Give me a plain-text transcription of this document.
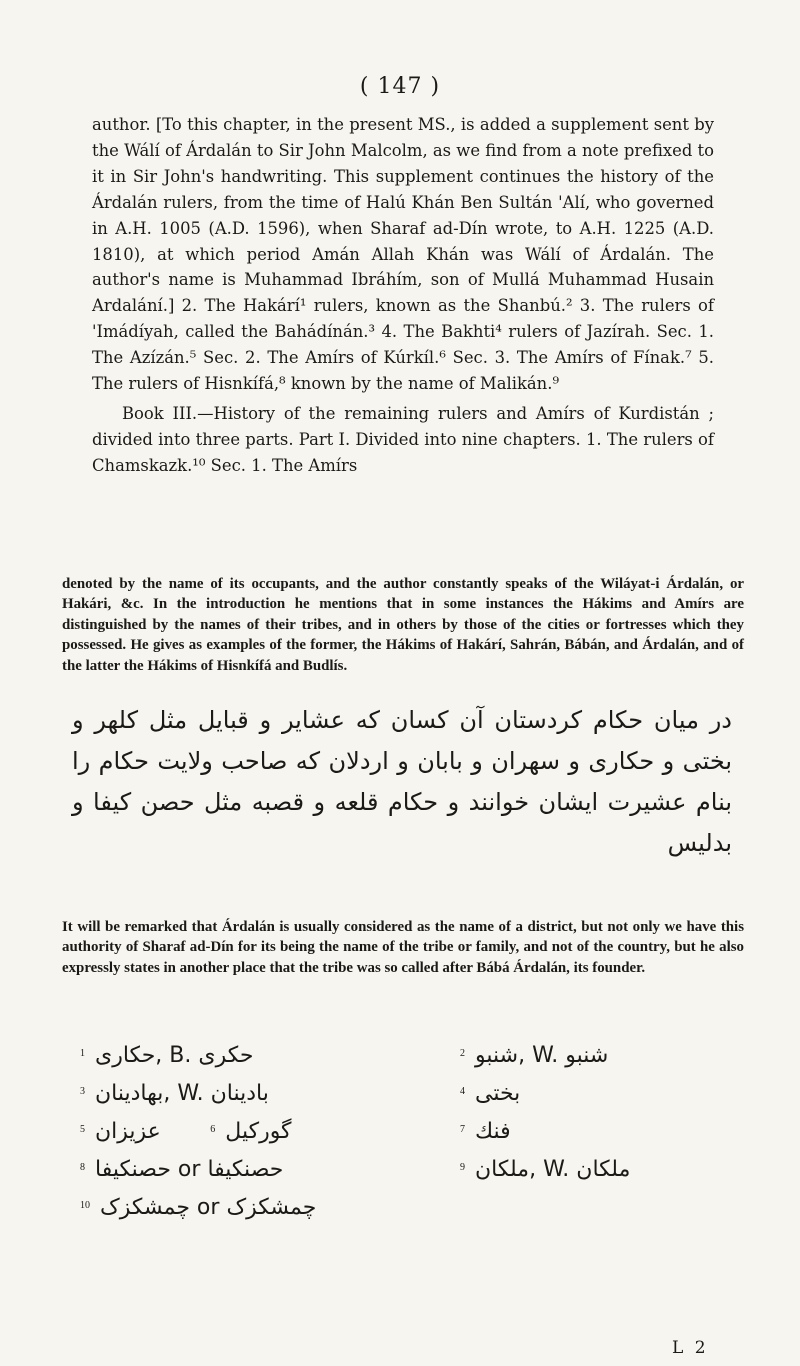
( 147 )

author. [To this chapter, in the present MS., is added a supplement sent by the Wálí of Árdalán to Sir John Malcolm, as we find from a note prefixed to it in Sir John's handwriting. This supplement continues the history of the Árdalán rulers, from the time of Halú Khán Ben Sultán 'Alí, who governed in A.H. 1005 (A.D. 1596), when Sharaf ad-Dín wrote, to A.H. 1225 (A.D. 1810), at which period Amán Allah Khán was Wálí of Árdalán. The author's name is Muhammad Ibráhím, son of Mullá Muhammad Husain Ardalání.] 2. The Hakárí¹ rulers, known as the Shanbú.² 3. The rulers of 'Imádíyah, called the Bahádínán.³ 4. The Bakhti⁴ rulers of Jazírah. Sec. 1. The Azízán.⁵ Sec. 2. The Amírs of Kúrkíl.⁶ Sec. 3. The Amírs of Fínak.⁷ 5. The rulers of Hisnkífá,⁸ known by the name of Malikán.⁹

Book III.—History of the remaining rulers and Amírs of Kurdistán ; divided into three parts. Part I. Divided into nine chapters. 1. The rulers of Chamskazk.¹⁰ Sec. 1. The Amírs

denoted by the name of its occupants, and the author constantly speaks of the Wiláyat-i Árdalán, or Hakári, &c. In the introduction he mentions that in some instances the Hákims and Amírs are distinguished by the names of their tribes, and in others by those of the cities or fortresses which they possessed. He gives as examples of the former, the Hákims of Hakárí, Sahrán, Bábán, and Árdalán, and of the latter the Hákims of Hisnkífá and Budlís.

در میان حکام کردستان آن کسان که عشایر و قبایل مثل کلهر و بختی و حکاری و سهران و بابان و اردلان که صاحب ولایت حکام را بنام عشیرت ایشان خوانند و حکام قلعه و قصبه مثل حصن کیفا و بدلیس

It will be remarked that Árdalán is usually considered as the name of a district, but not only we have this authority of Sharaf ad-Dín for its being the name of the tribe or family, and not of the country, but he also expressly states in another place that the tribe was so called after Bábá Árdalán, its founder.

$^1$ حکاری, B. حکری
$^3$ بهادینان, W. بادینان
$^5$ عزیزان	$^6$ گورکیل
$^8$ حصنکیفا or حصنکیفا
$^{10}$ چمشکزک or چمشکزک
$^2$ شنبو, W. شنبو
$^4$ بختی
$^7$ فنك
$^9$ ملکان, W. ملکان
L 2
